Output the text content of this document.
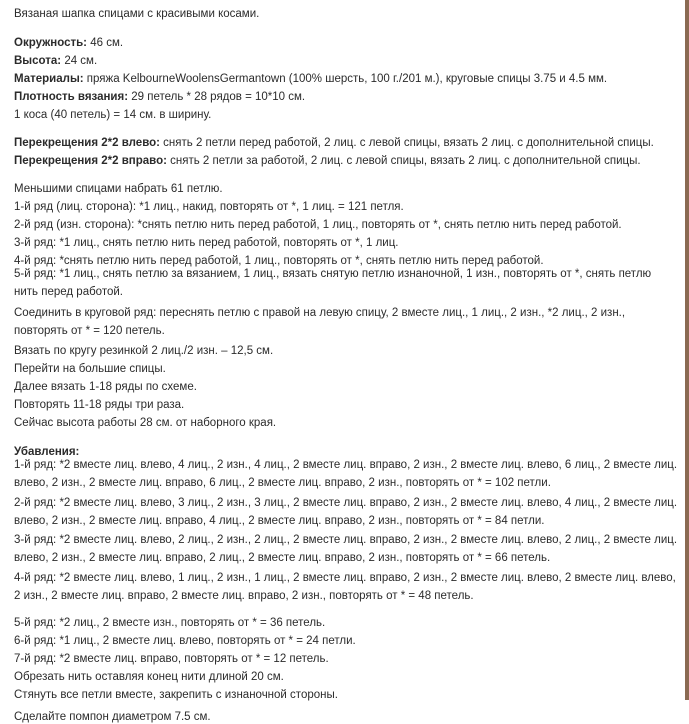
Вязаная шапка спицами с красивыми косами.
Окружность: 46 см.
Высота: 24 см.
Материалы: пряжа KelbourneWoolensGermantown (100% шерсть, 100 г./201 м.), круговые спицы 3.75 и 4.5 мм.
Плотность вязания: 29 петель * 28 рядов = 10*10 см.
1 коса (40 петель) = 14 см. в ширину.
Перекрещения 2*2 влево: снять 2 петли перед работой, 2 лиц. с левой спицы, вязать 2 лиц. с дополнительной спицы.
Перекрещения 2*2 вправо: снять 2 петли за работой, 2 лиц. с левой спицы, вязать 2 лиц. с дополнительной спицы.
Меньшими спицами набрать 61 петлю.
1-й ряд (лиц. сторона): *1 лиц., накид, повторять от *, 1 лиц. = 121 петля.
2-й ряд (изн. сторона): *снять петлю нить перед работой, 1 лиц., повторять от *, снять петлю нить перед работой.
3-й ряд: *1 лиц., снять петлю нить перед работой, повторять от *, 1 лиц.
4-й ряд: *снять петлю нить перед работой, 1 лиц., повторять от *, снять петлю нить перед работой.
5-й ряд: *1 лиц., снять петлю за вязанием, 1 лиц., вязать снятую петлю изнаночной, 1 изн., повторять от *, снять петлю нить перед работой.
Соединить в круговой ряд: переснять петлю с правой на левую спицу, 2 вместе лиц., 1 лиц., 2 изн., *2 лиц., 2 изн., повторять от * = 120 петель.
Вязать по кругу резинкой 2 лиц./2 изн. – 12,5 см.
Перейти на большие спицы.
Далее вязать 1-18 ряды по схеме.
Повторять 11-18 ряды три раза.
Сейчас высота работы 28 см. от наборного края.
Убавления:
1-й ряд: *2 вместе лиц. влево, 4 лиц., 2 изн., 4 лиц., 2 вместе лиц. вправо, 2 изн., 2 вместе лиц. влево, 6 лиц., 2 вместе лиц. влево, 2 изн., 2 вместе лиц. вправо, 6 лиц., 2 вместе лиц. вправо, 2 изн., повторять от * = 102 петли.
2-й ряд: *2 вместе лиц. влево, 3 лиц., 2 изн., 3 лиц., 2 вместе лиц. вправо, 2 изн., 2 вместе лиц. влево, 4 лиц., 2 вместе лиц. влево, 2 изн., 2 вместе лиц. вправо, 4 лиц., 2 вместе лиц. вправо, 2 изн., повторять от * = 84 петли.
3-й ряд: *2 вместе лиц. влево, 2 лиц., 2 изн., 2 лиц., 2 вместе лиц. вправо, 2 изн., 2 вместе лиц. влево, 2 лиц., 2 вместе лиц. влево, 2 изн., 2 вместе лиц. вправо, 2 лиц., 2 вместе лиц. вправо, 2 изн., повторять от * = 66 петель.
4-й ряд: *2 вместе лиц. влево, 1 лиц., 2 изн., 1 лиц., 2 вместе лиц. вправо, 2 изн., 2 вместе лиц. влево, 2 вместе лиц. влево, 2 изн., 2 вместе лиц. вправо, 2 вместе лиц. вправо, 2 изн., повторять от * = 48 петель.
5-й ряд: *2 лиц., 2 вместе изн., повторять от * = 36 петель.
6-й ряд: *1 лиц., 2 вместе лиц. влево, повторять от * = 24 петли.
7-й ряд: *2 вместе лиц. вправо, повторять от * = 12 петель.
Обрезать нить оставляя конец нити длиной 20 см.
Стянуть все петли вместе, закрепить с изнаночной стороны.
Сделайте помпон диаметром 7.5 см.
